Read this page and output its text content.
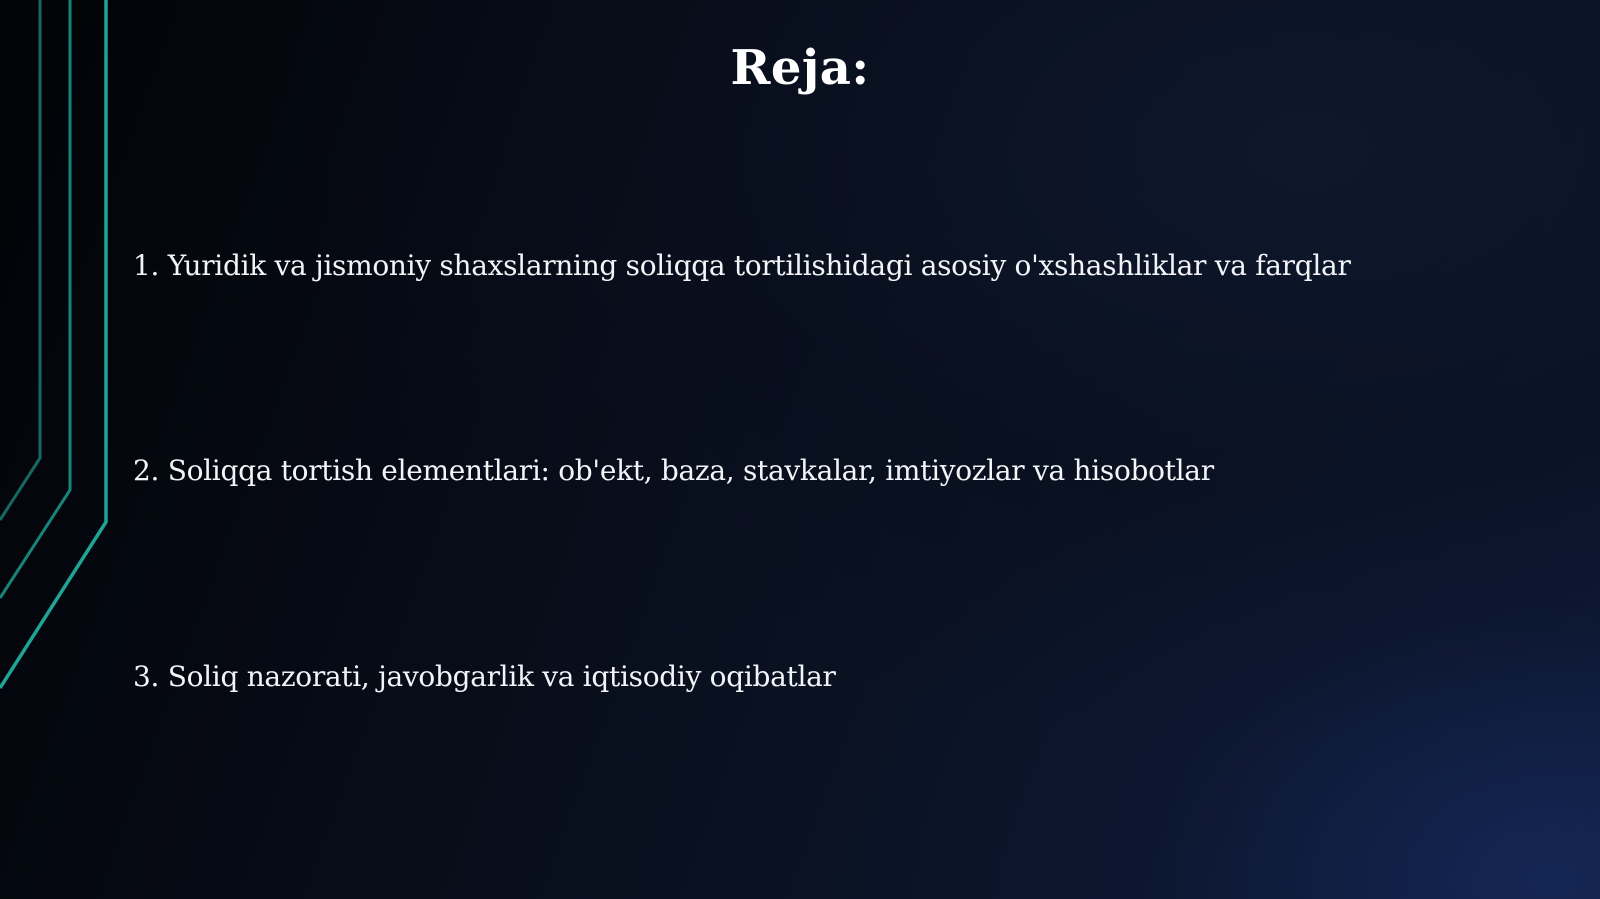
Reja:
1. Yuridik va jismoniy shaxslarning soliqqa tortilishidagi asosiy o'xshashliklar va farqlar
2. Soliqqa tortish elementlari: ob'ekt, baza, stavkalar, imtiyozlar va hisobotlar
3. Soliq nazorati, javobgarlik va iqtisodiy oqibatlar
